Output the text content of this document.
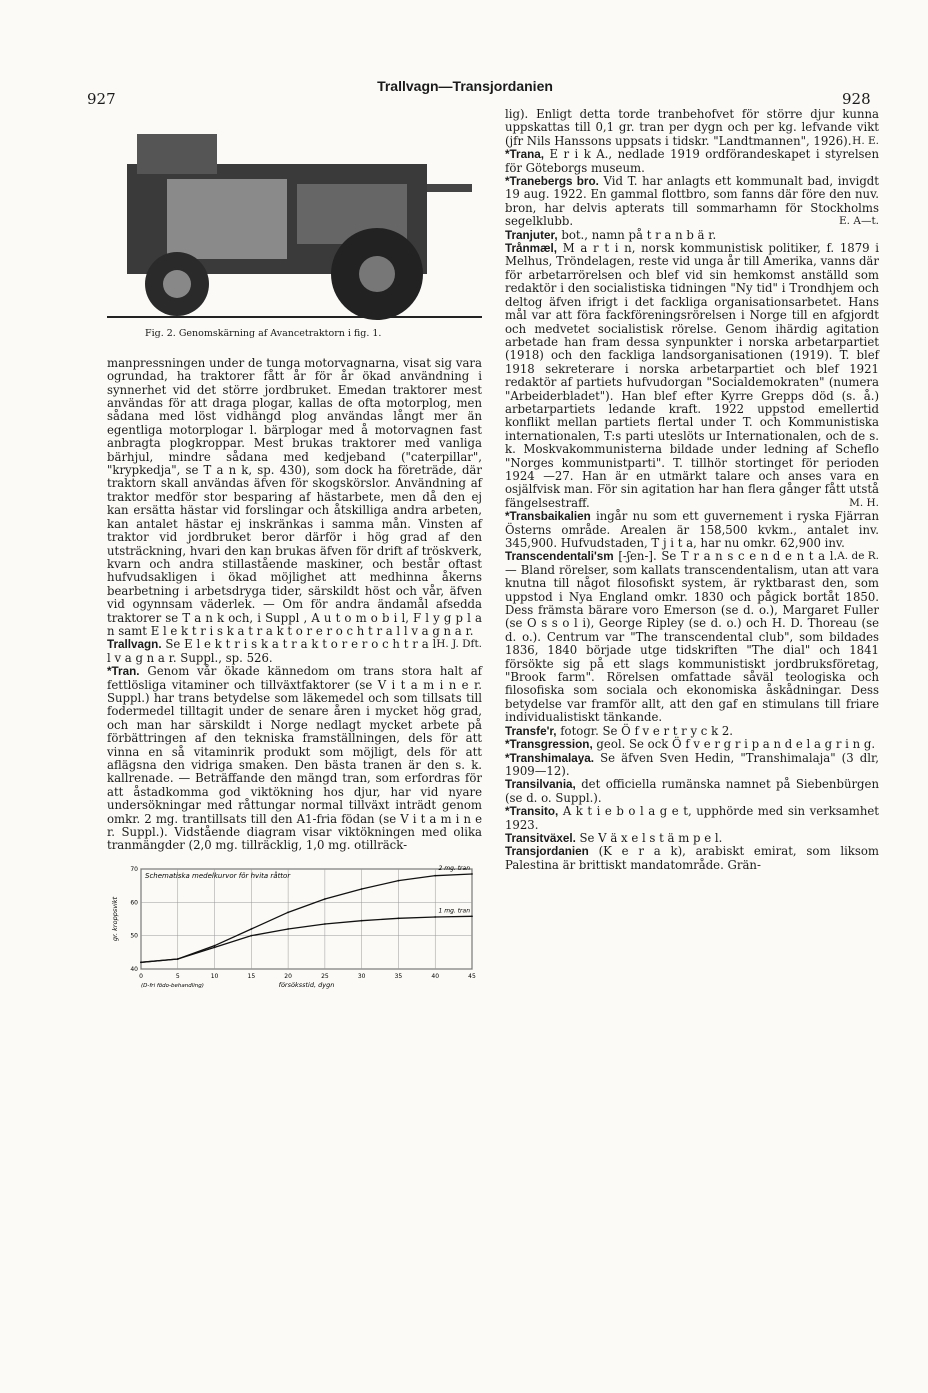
927
Trallvagn—Transjordanien
928
Fig. 2. Genomskärning af Avancetraktorn i fig. 1.

manpressningen under de tunga motorvagnarna, visat sig vara ogrundad, ha traktorer fått år för år ökad användning i synnerhet vid det större jordbruket. Emedan traktorer mest användas för att draga plogar, kallas de ofta motorplog, men sådana med löst vidhängd plog användas långt mer än egentliga motorplogar l. bärplogar med å motorvagnen fast anbragta plogkroppar. Mest brukas traktorer med vanliga bärhjul, mindre sådana med kedjeband ("caterpillar", "krypkedja", se T a n k, sp. 430), som dock ha företräde, där traktorn skall användas äfven för skogskörslor. Användning af traktor medför stor besparing af hästarbete, men då den ej kan ersätta hästar vid forslingar och åtskilliga andra arbeten, kan antalet hästar ej inskränkas i samma mån. Vinsten af traktor vid jordbruket beror därför i hög grad af den utsträckning, hvari den kan brukas äfven för drift af tröskverk, kvarn och andra stillastående maskiner, och består oftast hufvudsakligen i ökad möjlighet att medhinna åkerns bearbetning i arbetsdryga tider, särskildt höst och vår, äfven vid ogynnsam väderlek. — Om för andra ändamål afsedda traktorer se T a n k och, i Suppl , A u t o m o b i l, F l y g p l a n samt E l e k t r i s k a t r a k t o r e r o c h t r a l l v a g n a r.
H. J. Dft.

Trallvagn. Se E l e k t r i s k a t r a k t o r e r o c h t r a l l v a g n a r. Suppl., sp. 526.

*Tran. Genom vår ökade kännedom om trans stora halt af fettlösliga vitaminer och tillväxtfaktorer (se V i t a m i n e r. Suppl.) har trans betydelse som läkemedel och som tillsats till fodermedel tilltagit under de senare åren i mycket hög grad, och man har särskildt i Norge nedlagt mycket arbete på förbättringen af den tekniska framställningen, dels för att vinna en så vitaminrik produkt som möjligt, dels för att aflägsna den vidriga smaken. Den bästa tranen är den s. k. kallrenade. — Beträffande den mängd tran, som erfordras för att åstadkomma god viktökning hos djur, har vid nyare undersökningar med råttungar normal tillväxt inträdt genom omkr. 2 mg. trantillsats till den A1-fria födan (se V i t a m i n e r. Suppl.). Vidstående diagram visar viktökningen med olika tranmängder (2,0 mg. tillräcklig, 1,0 mg. otillräck-

0	5	10	15	20	25	30	35	40	45
70
60
50
40
Schematiska medelkurvor för hvita råttor
gr. kroppsvikt
försöksstid, dygn
(D-fri födo-behandling)
2 mg. tran
1 mg. tran

lig). Enligt detta torde tranbehofvet för större djur kunna uppskattas till 0,1 gr. tran per dygn och per kg. lefvande vikt (jfr Nils Hanssons uppsats i tidskr. "Landtmannen", 1926). H. E.

*Trana, E r i k A., nedlade 1919 ordförandeskapet i styrelsen för Göteborgs museum.

*Tranebergs bro. Vid T. har anlagts ett kommunalt bad, invigdt 19 aug. 1922. En gammal flottbro, som fanns där före den nuv. bron, har delvis apterats till sommarhamn för Stockholms segelklubb.	E. A—t.

Tranjuter, bot., namn på t r a n b ä r.

Trånmæl, M a r t i n, norsk kommunistisk politiker, f. 1879 i Melhus, Tröndelagen, reste vid unga år till Amerika, vanns där för arbetarrörelsen och blef vid sin hemkomst anställd som redaktör i den socialistiska tidningen "Ny tid" i Trondhjem och deltog äfven ifrigt i det fackliga organisationsarbetet. Hans mål var att föra fackföreningsrörelsen i Norge till en afgjordt och medvetet socialistisk rörelse. Genom ihärdig agitation arbetade han fram dessa synpunkter i norska arbetarpartiet (1918) och den fackliga landsorganisationen (1919). T. blef 1918 sekreterare i norska arbetarpartiet och blef 1921 redaktör af partiets hufvudorgan "Socialdemokraten" (numera "Arbeiderbladet"). Han blef efter Kyrre Grepps död (s. å.) arbetarpartiets ledande kraft. 1922 uppstod emellertid konflikt mellan partiets flertal under T. och Kommunistiska internationalen, T:s parti uteslöts ur Internationalen, och de s. k. Moskvakommunisterna bildade under ledning af Scheflo "Norges kommunistparti". T. tillhör stortinget för perioden 1924 —27. Han är en utmärkt talare och anses vara en osjälfvisk man. För sin agitation har han flera gånger fått utstå fängelsestraff.	M. H.

*Transbaikalien ingår nu som ett guvernement i ryska Fjärran Österns område. Arealen är 158,500 kvkm., antalet inv. 345,900. Hufvudstaden, T j i t a, har nu omkr. 62,900 inv.
A. de R.

Transcendentali'sm [-ʃen-]. Se T r a n s c e n d e n t a l. — Bland rörelser, som kallats transcendentalism, utan att vara knutna till något filosofiskt system, är ryktbarast den, som uppstod i Nya England omkr. 1830 och pågick bortåt 1850. Dess främsta bärare voro Emerson (se d. o.), Margaret Fuller (se O s s o l i), George Ripley (se d. o.) och H. D. Thoreau (se d. o.). Centrum var "The transcendental club", som bildades 1836, 1840 började utge tidskriften "The dial" och 1841 försökte sig på ett slags kommunistiskt jordbruksföretag, "Brook farm". Rörelsen omfattade såväl teologiska och filosofiska som sociala och ekonomiska åskådningar. Dess betydelse var framför allt, att den gaf en stimulans till friare individualistiskt tänkande.

Transfe'r, fotogr. Se Ö f v e r t r y c k 2.

*Transgression, geol. Se ock Ö f v e r g r i p a n d e l a g r i n g.

*Transhimalaya. Se äfven Sven Hedin, "Transhimalaja" (3 dlr, 1909—12).

Transilvania, det officiella rumänska namnet på Siebenbürgen (se d. o. Suppl.).

*Transito, A k t i e b o l a g e t, upphörde med sin verksamhet 1923.

Transitväxel. Se V ä x e l s t ä m p e l.

Transjordanien (K e r a k), arabiskt emirat, som liksom Palestina är brittiskt mandatområde. Grän-
